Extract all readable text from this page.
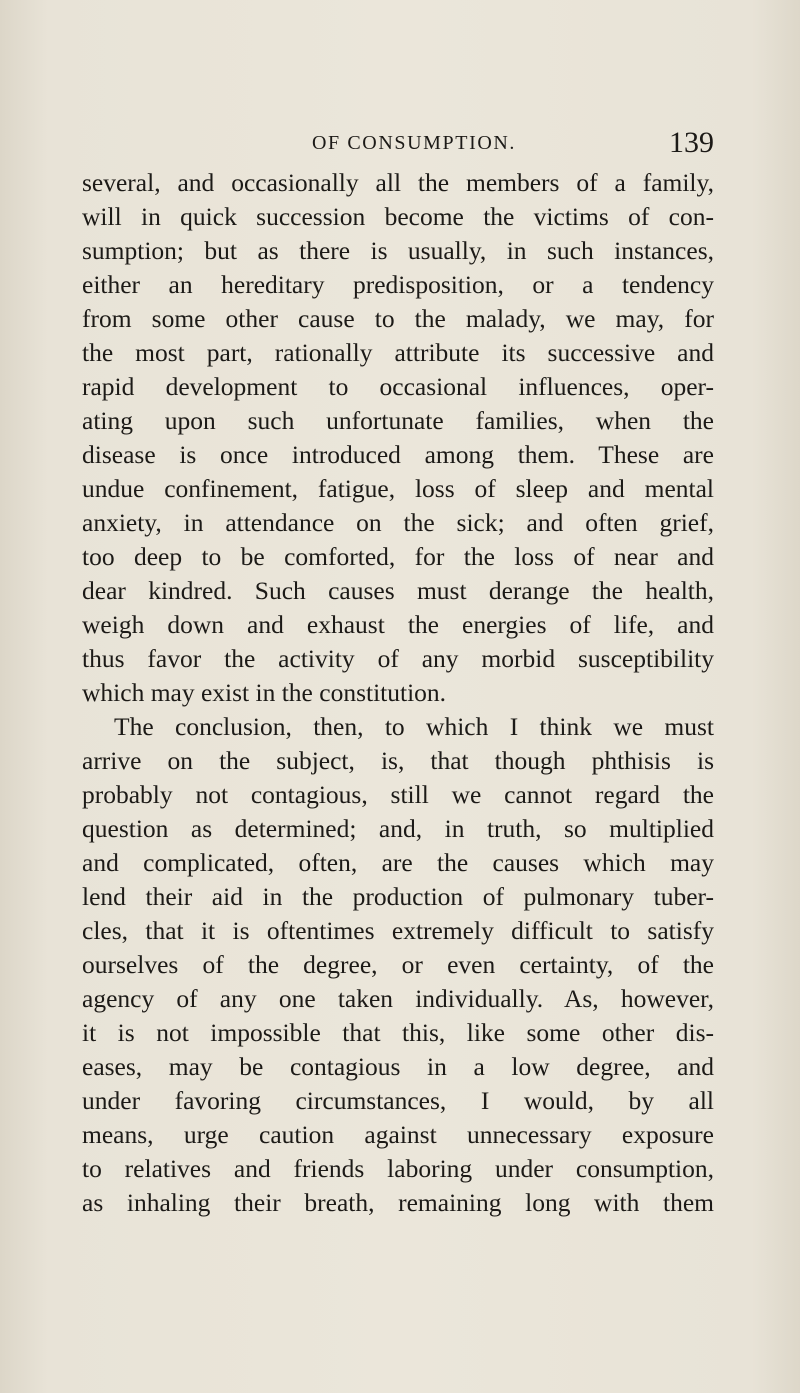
OF CONSUMPTION.	139
several, and occasionally all the members of a family,
will in quick succession become the victims of con-
sumption; but as there is usually, in such instances,
either an hereditary predisposition, or a tendency
from some other cause to the malady, we may, for
the most part, rationally attribute its successive and
rapid development to occasional influences, oper-
ating upon such unfortunate families, when the
disease is once introduced among them. These are
undue confinement, fatigue, loss of sleep and mental
anxiety, in attendance on the sick; and often grief,
too deep to be comforted, for the loss of near and
dear kindred. Such causes must derange the health,
weigh down and exhaust the energies of life, and
thus favor the activity of any morbid susceptibility
which may exist in the constitution.
The conclusion, then, to which I think we must
arrive on the subject, is, that though phthisis is
probably not contagious, still we cannot regard the
question as determined; and, in truth, so multiplied
and complicated, often, are the causes which may
lend their aid in the production of pulmonary tuber-
cles, that it is oftentimes extremely difficult to satisfy
ourselves of the degree, or even certainty, of the
agency of any one taken individually. As, however,
it is not impossible that this, like some other dis-
eases, may be contagious in a low degree, and
under favoring circumstances, I would, by all
means, urge caution against unnecessary exposure
to relatives and friends laboring under consumption,
as inhaling their breath, remaining long with them
